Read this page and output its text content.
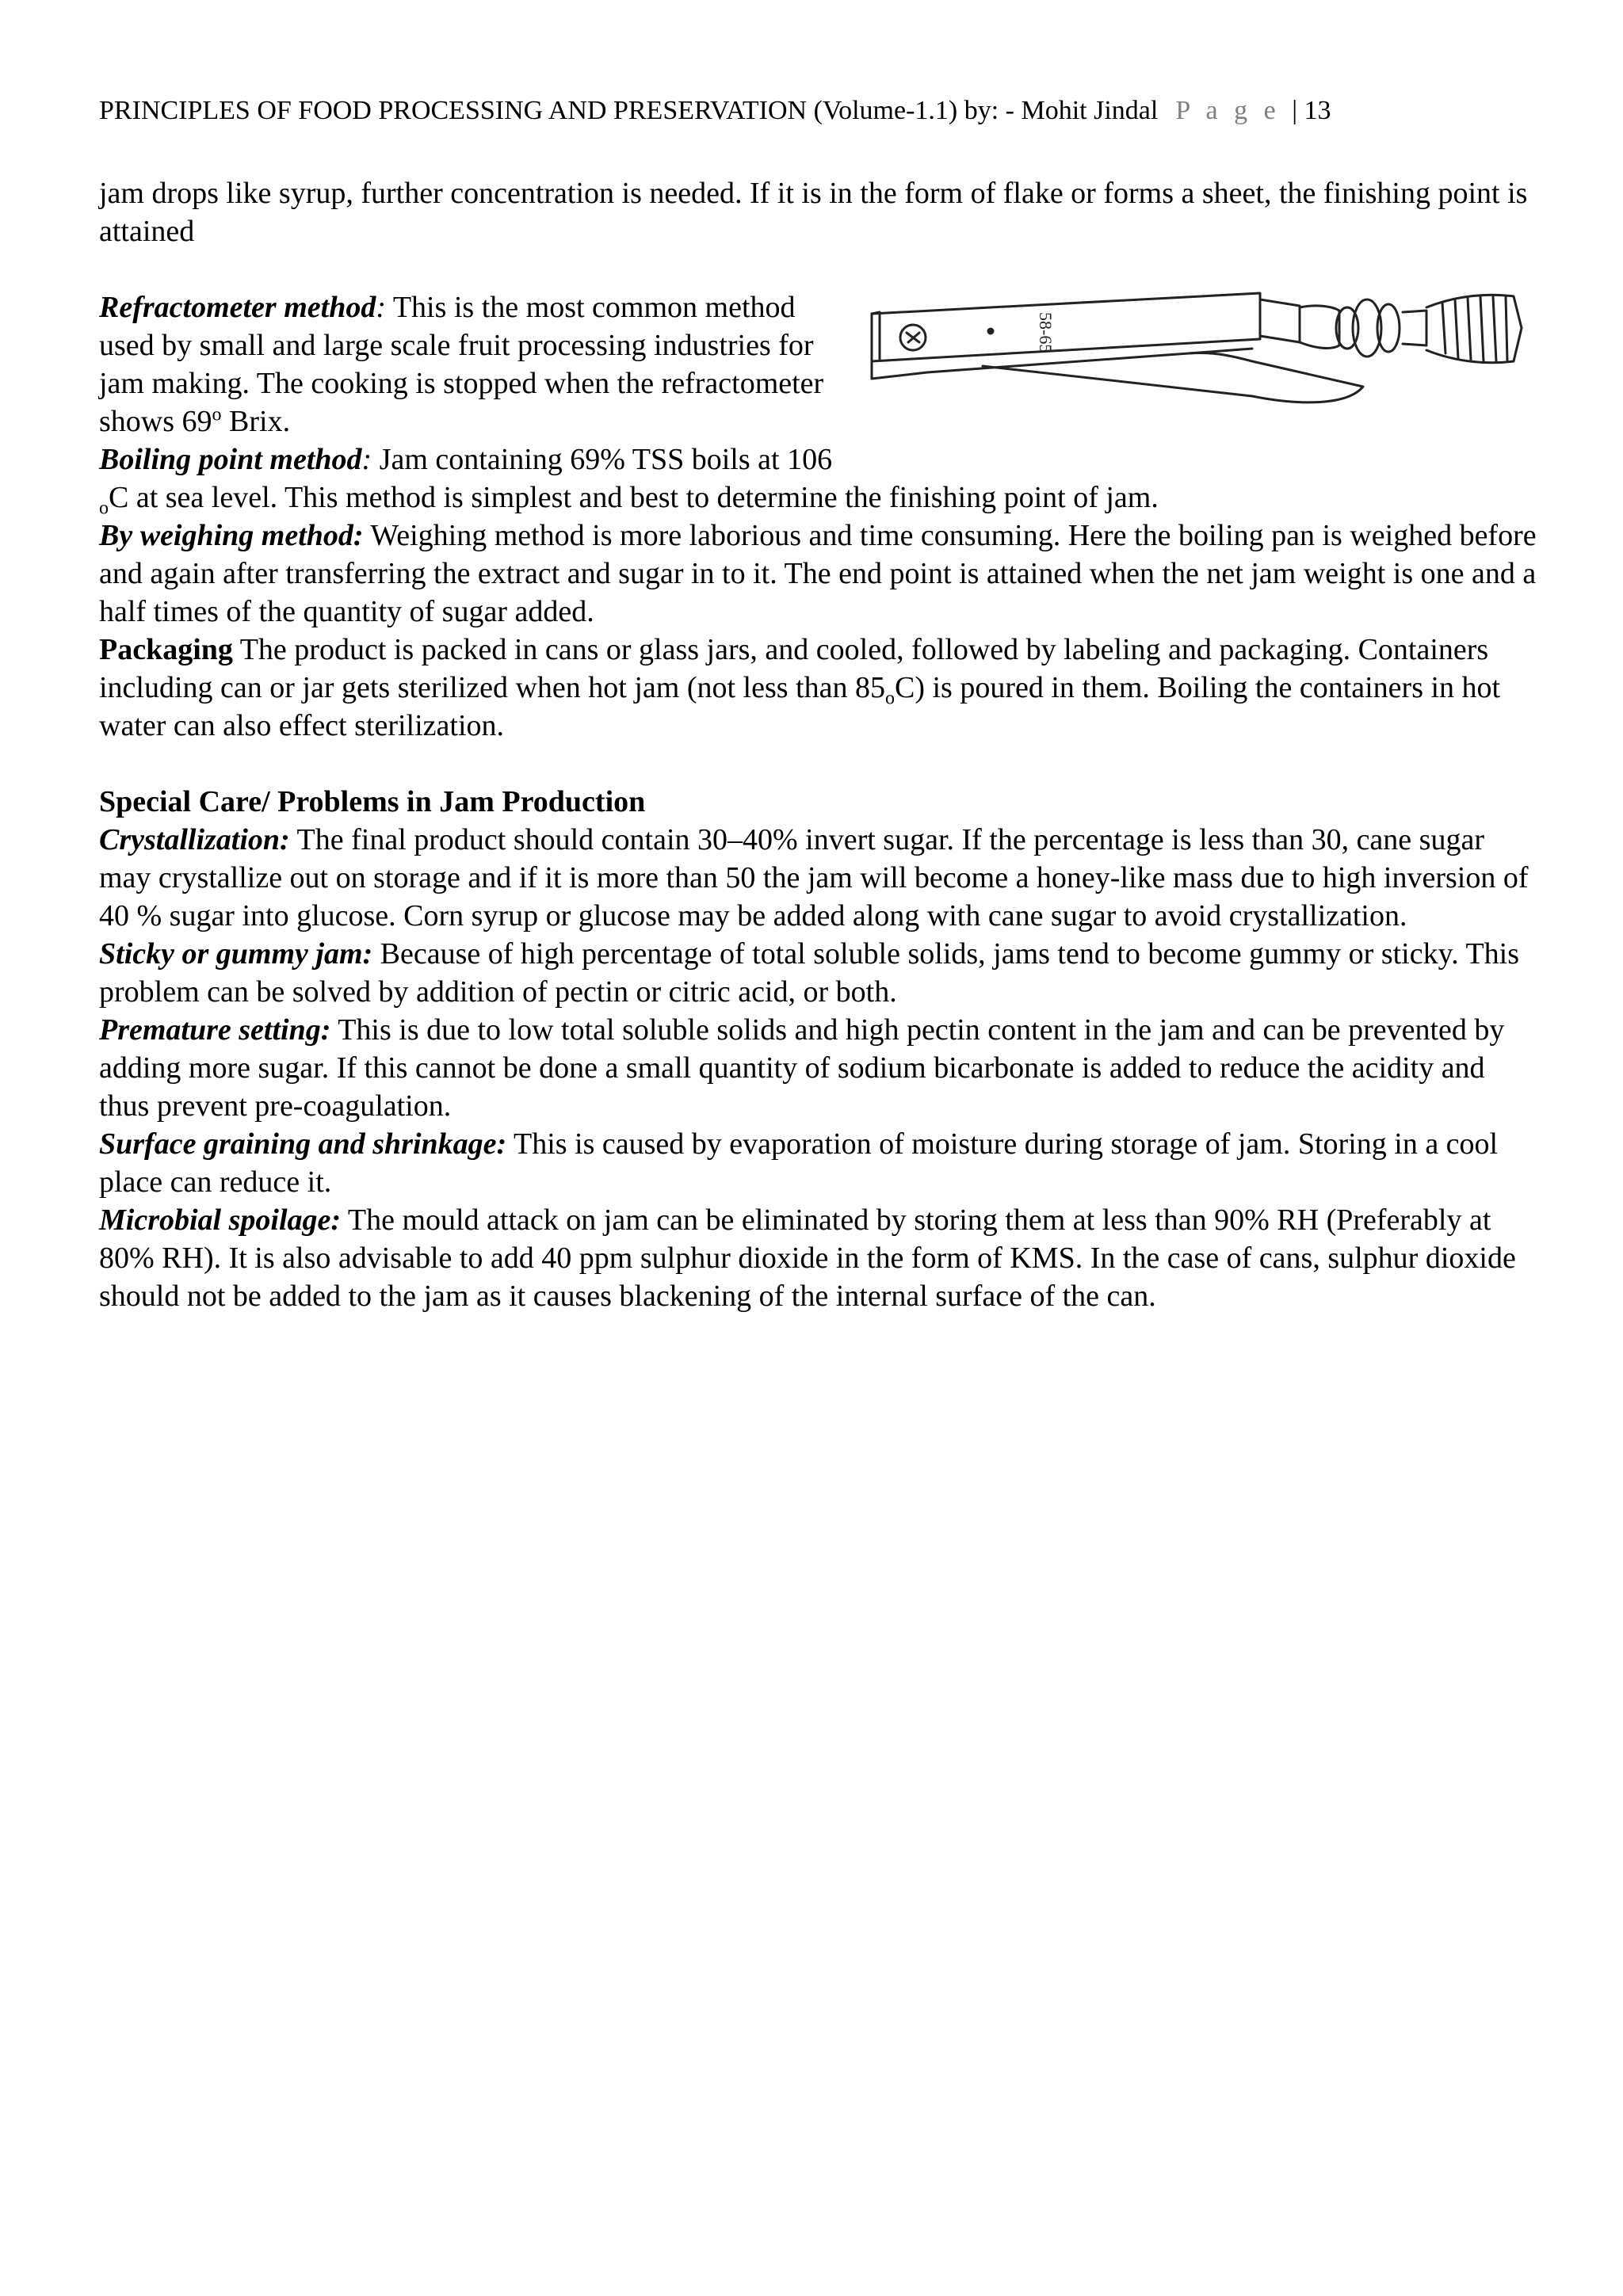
PRINCIPLES OF FOOD PROCESSING AND PRESERVATION (Volume-1.1) by: - Mohit Jindal P a g e | 13

jam drops like syrup, further concentration is needed. If it is in the form of flake or forms a sheet, the finishing point is attained

58-65

Refractometer method: This is the most common method used by small and large scale fruit processing industries for jam making. The cooking is stopped when the refractometer shows 69$^o$ Brix.

Boiling point method: Jam containing 69% TSS boils at 106 $_o$C at sea level. This method is simplest and best to determine the finishing point of jam.

By weighing method: Weighing method is more laborious and time consuming. Here the boiling pan is weighed before and again after transferring the extract and sugar in to it. The end point is attained when the net jam weight is one and a half times of the quantity of sugar added.

Packaging The product is packed in cans or glass jars, and cooled, followed by labeling and packaging. Containers including can or jar gets sterilized when hot jam (not less than $85_oC$) is poured in them. Boiling the containers in hot water can also effect sterilization.

Special Care/ Problems in Jam Production

Crystallization: The final product should contain 30–40% invert sugar. If the percentage is less than 30, cane sugar may crystallize out on storage and if it is more than 50 the jam will become a honey-like mass due to high inversion of 40 % sugar into glucose. Corn syrup or glucose may be added along with cane sugar to avoid crystallization.

Sticky or gummy jam: Because of high percentage of total soluble solids, jams tend to become gummy or sticky. This problem can be solved by addition of pectin or citric acid, or both.

Premature setting: This is due to low total soluble solids and high pectin content in the jam and can be prevented by adding more sugar. If this cannot be done a small quantity of sodium bicarbonate is added to reduce the acidity and thus prevent pre-coagulation.

Surface graining and shrinkage: This is caused by evaporation of moisture during storage of jam. Storing in a cool place can reduce it.

Microbial spoilage: The mould attack on jam can be eliminated by storing them at less than 90% RH (Preferably at 80% RH). It is also advisable to add 40 ppm sulphur dioxide in the form of KMS. In the case of cans, sulphur dioxide should not be added to the jam as it causes blackening of the internal surface of the can.
